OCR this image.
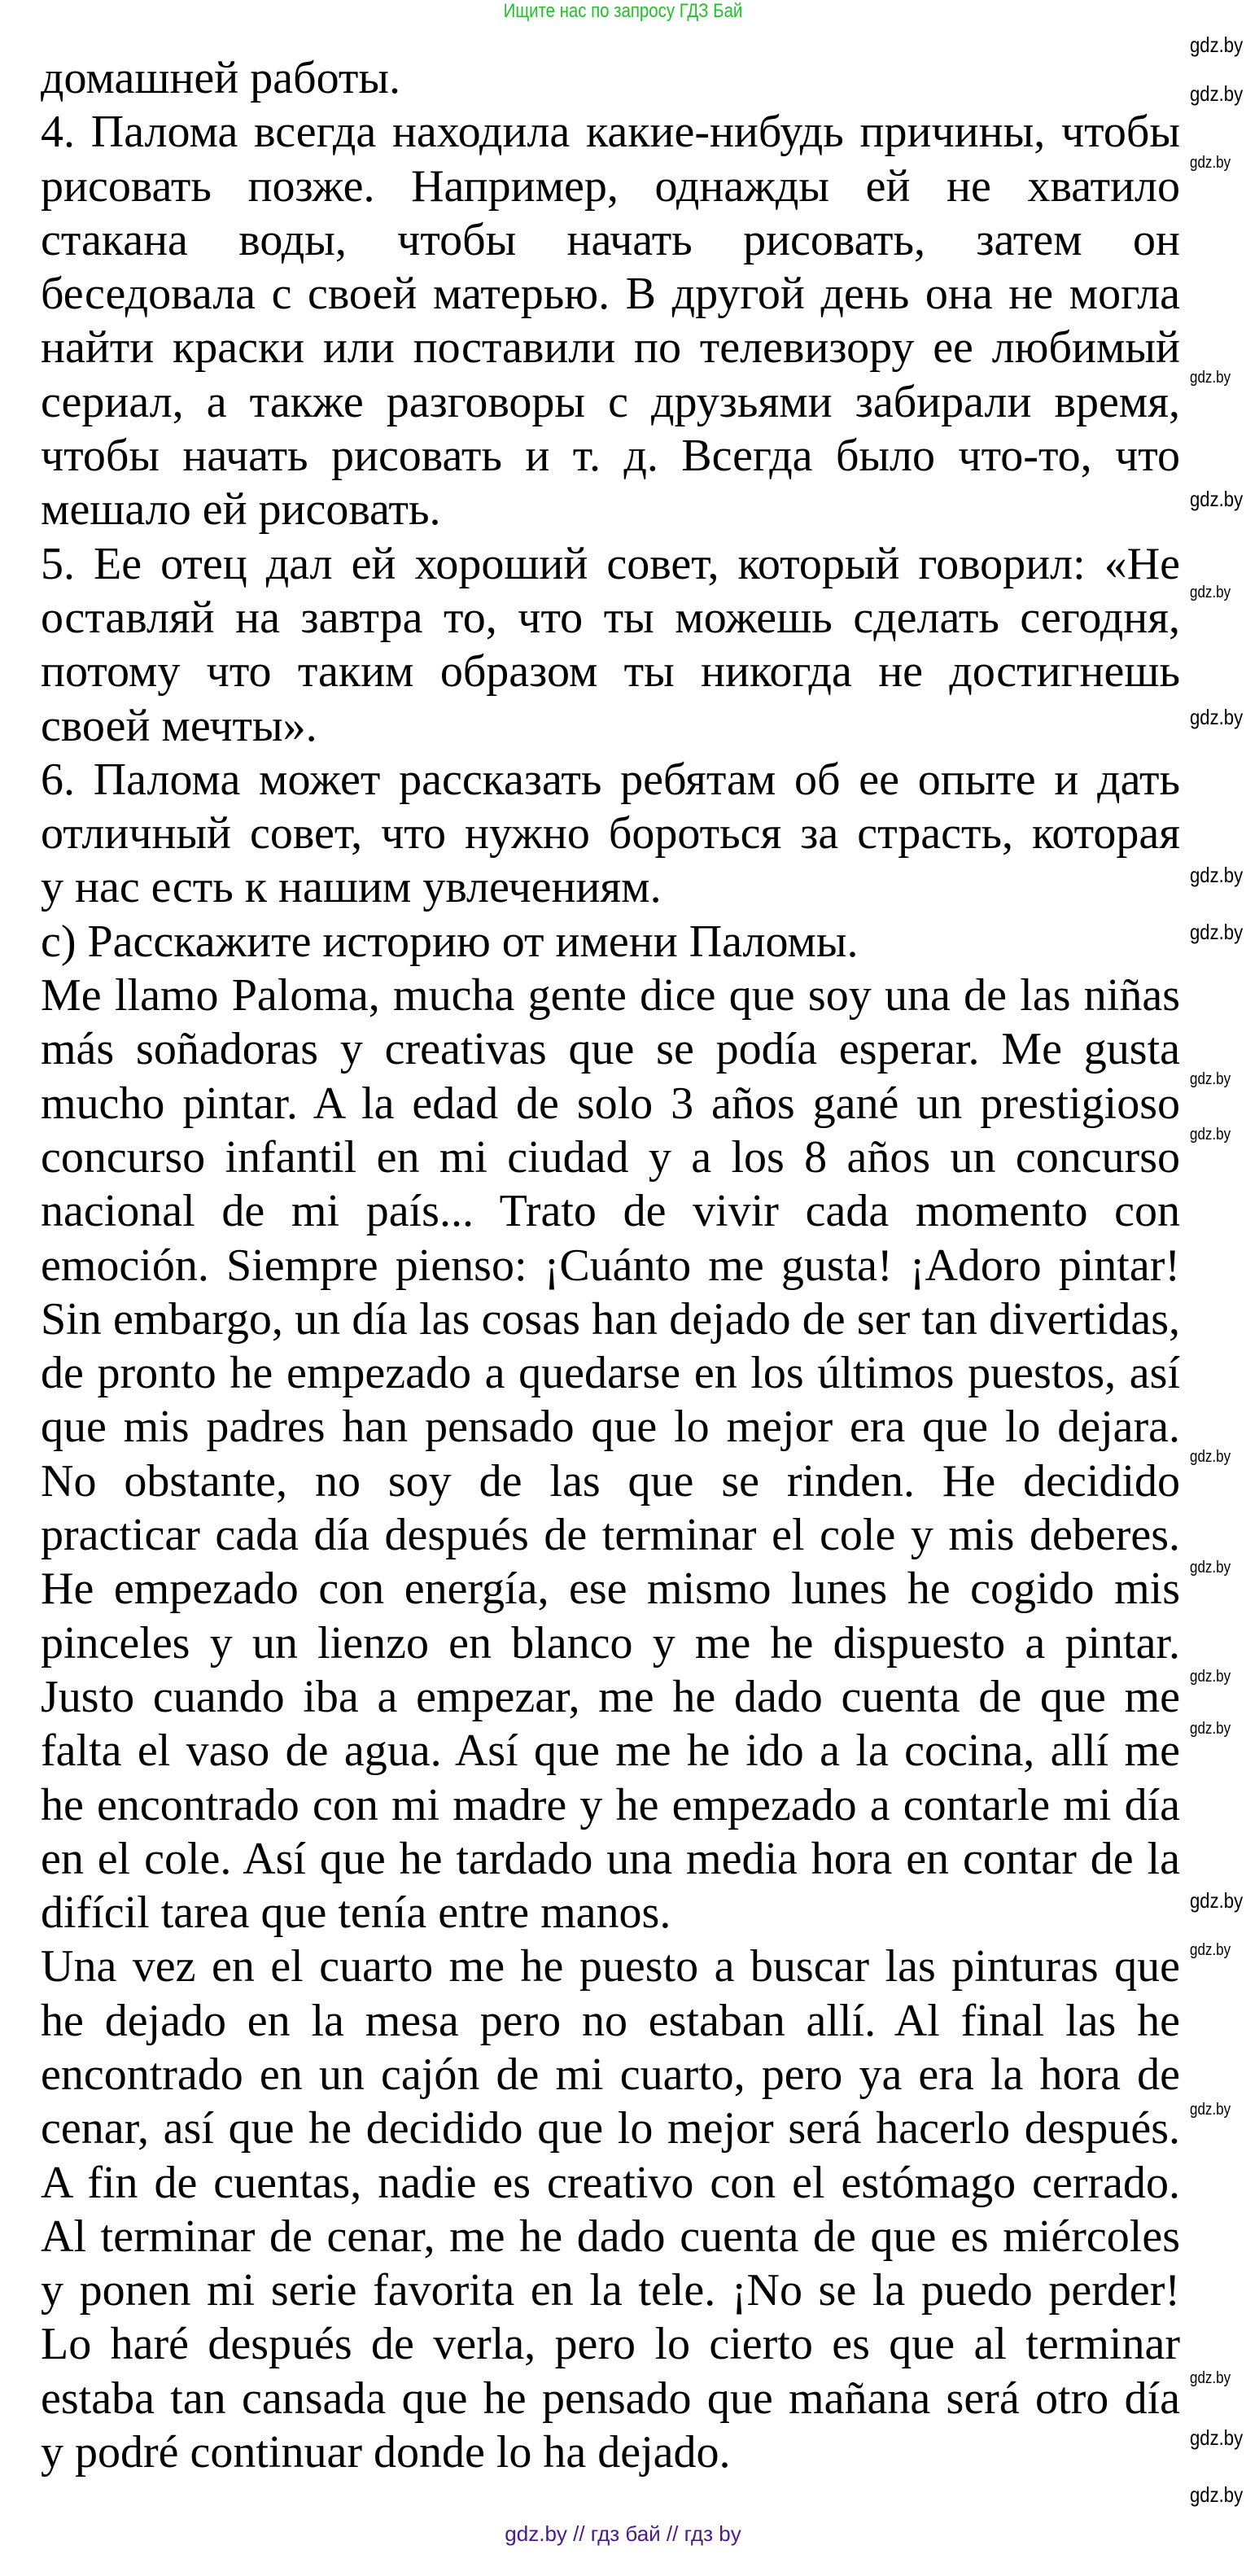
Ищите нас по запросу ГДЗ Бай
домашней работы.
4. Палома всегда находила какие-нибудь причины, чтобы
рисовать позже. Например, однажды ей не хватило
стакана воды, чтобы начать рисовать, затем он
беседовала с своей матерью. В другой день она не могла
найти краски или поставили по телевизору ее любимый
сериал, а также разговоры с друзьями забирали время,
чтобы начать рисовать и т. д. Всегда было что-то, что
мешало ей рисовать.
5. Ее отец дал ей хороший совет, который говорил: «Не
оставляй на завтра то, что ты можешь сделать сегодня,
потому что таким образом ты никогда не достигнешь
своей мечты».
6. Палома может рассказать ребятам об ее опыте и дать
отличный совет, что нужно бороться за страсть, которая
у нас есть к нашим увлечениям.
c) Расскажите историю от имени Паломы.
Me llamo Paloma, mucha gente dice que soy una de las niñas
más soñadoras y creativas que se podía esperar. Me gusta
mucho pintar. A la edad de solo 3 años gané un prestigioso
concurso infantil en mi ciudad y a los 8 años un concurso
nacional de mi país... Trato de vivir cada momento con
emoción. Siempre pienso: ¡Cuánto me gusta! ¡Adoro pintar!
Sin embargo, un día las cosas han dejado de ser tan divertidas,
de pronto he empezado a quedarse en los últimos puestos, así
que mis padres han pensado que lo mejor era que lo dejara.
No obstante, no soy de las que se rinden. He decidido
practicar cada día después de terminar el cole y mis deberes.
He empezado con energía, ese mismo lunes he cogido mis
pinceles y un lienzo en blanco y me he dispuesto a pintar.
Justo cuando iba a empezar, me he dado cuenta de que me
falta el vaso de agua. Así que me he ido a la cocina, allí me
he encontrado con mi madre y he empezado a contarle mi día
en el cole. Así que he tardado una media hora en contar de la
difícil tarea que tenía entre manos.
Una vez en el cuarto me he puesto a buscar las pinturas que
he dejado en la mesa pero no estaban allí. Al final las he
encontrado en un cajón de mi cuarto, pero ya era la hora de
cenar, así que he decidido que lo mejor será hacerlo después.
A fin de cuentas, nadie es creativo con el estómago cerrado.
Al terminar de cenar, me he dado cuenta de que es miércoles
y ponen mi serie favorita en la tele. ¡No se la puedo perder!
Lo haré después de verla, pero lo cierto es que al terminar
estaba tan cansada que he pensado que mañana será otro día
y podré continuar donde lo ha dejado.
gdz.by
gdz.by
gdz.by
gdz.by
gdz.by
gdz.by
gdz.by
gdz.by
gdz.by
gdz.by
gdz.by
gdz.by
gdz.by
gdz.by
gdz.by
gdz.by
gdz.by
gdz.by
gdz.by
gdz.by
gdz.by
gdz.by // гдз бай // гдз by
